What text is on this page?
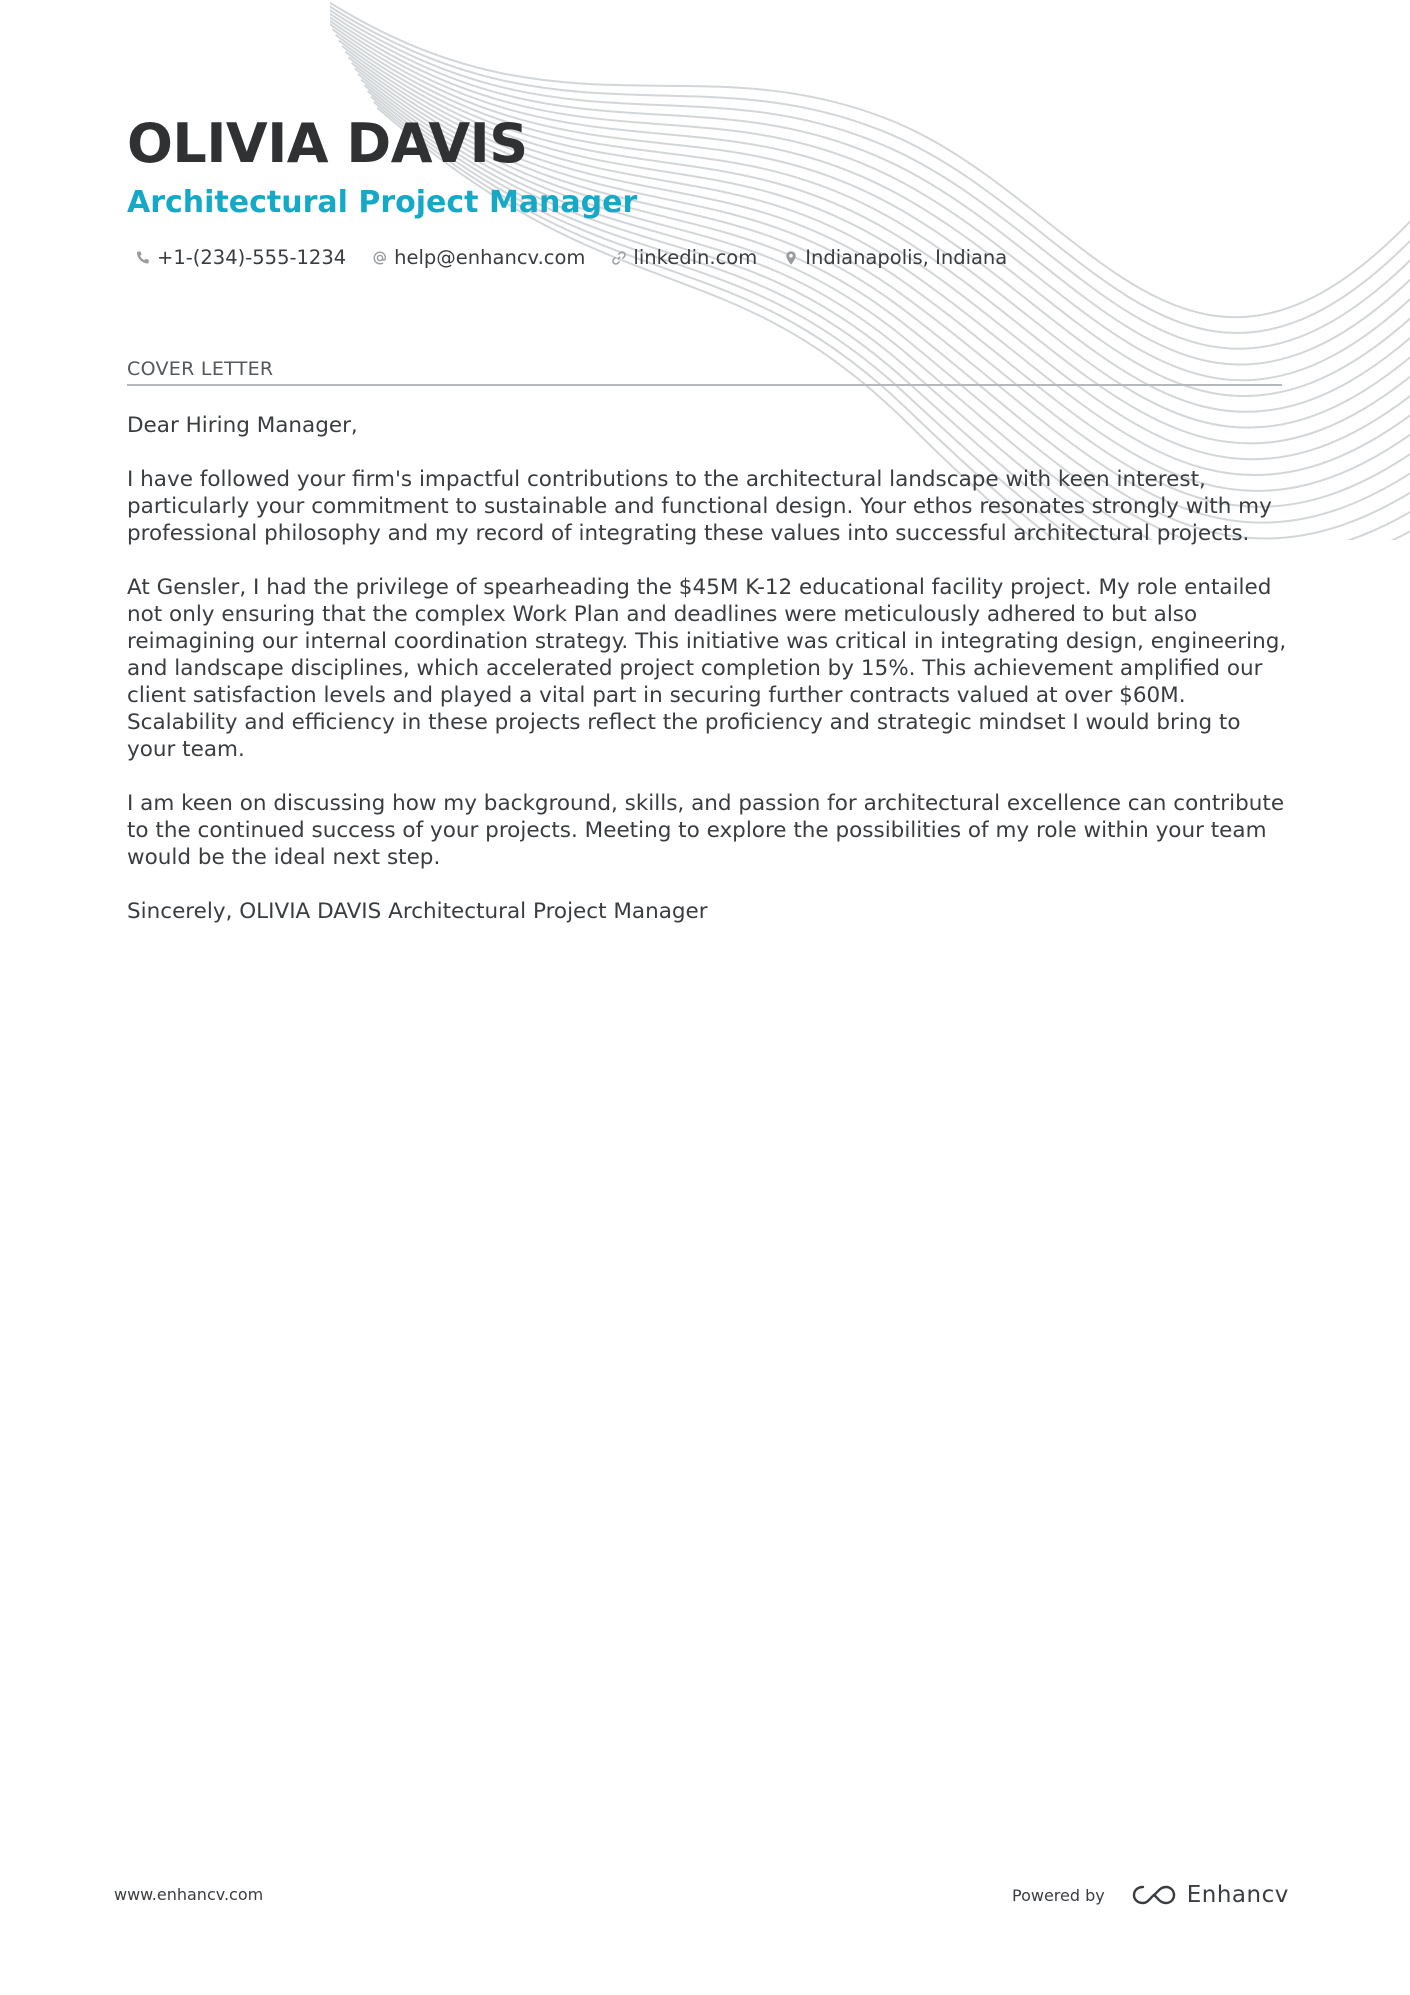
OLIVIA DAVIS
Architectural Project Manager
+1-(234)-555-1234 help@enhancv.com linkedin.com Indianapolis, Indiana
COVER LETTER

Dear Hiring Manager,

I have followed your firm's impactful contributions to the architectural landscape with keen interest, particularly your commitment to sustainable and functional design. Your ethos resonates strongly with my professional philosophy and my record of integrating these values into successful architectural projects.

At Gensler, I had the privilege of spearheading the $45M K-12 educational facility project. My role entailed not only ensuring that the complex Work Plan and deadlines were meticulously adhered to but also reimagining our internal coordination strategy. This initiative was critical in integrating design, engineering, and landscape disciplines, which accelerated project completion by 15%. This achievement amplified our client satisfaction levels and played a vital part in securing further contracts valued at over $60M. Scalability and efficiency in these projects reflect the proficiency and strategic mindset I would bring to your team.

I am keen on discussing how my background, skills, and passion for architectural excellence can contribute to the continued success of your projects. Meeting to explore the possibilities of my role within your team would be the ideal next step.

Sincerely, OLIVIA DAVIS Architectural Project Manager

www.enhancv.com	Powered by	Enhancv
